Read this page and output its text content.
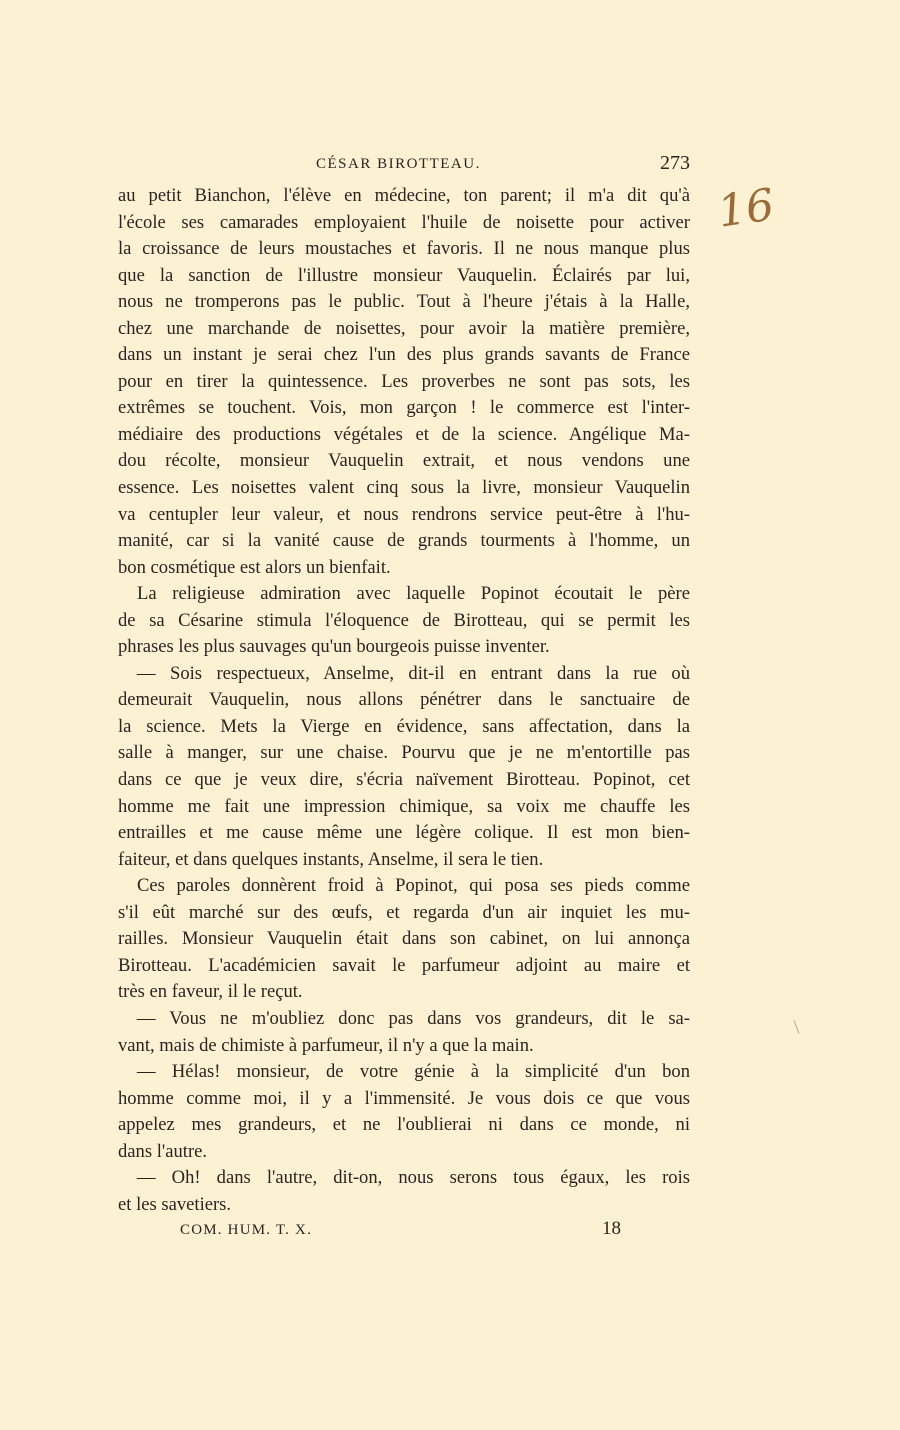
CÉSAR BIROTTEAU.	273
16
au petit Bianchon, l'élève en médecine, ton parent; il m'a dit qu'à
l'école ses camarades employaient l'huile de noisette pour activer
la croissance de leurs moustaches et favoris. Il ne nous manque plus
que la sanction de l'illustre monsieur Vauquelin. Éclairés par lui,
nous ne tromperons pas le public. Tout à l'heure j'étais à la Halle,
chez une marchande de noisettes, pour avoir la matière première,
dans un instant je serai chez l'un des plus grands savants de France
pour en tirer la quintessence. Les proverbes ne sont pas sots, les
extrêmes se touchent. Vois, mon garçon ! le commerce est l'inter-
médiaire des productions végétales et de la science. Angélique Ma-
dou récolte, monsieur Vauquelin extrait, et nous vendons une
essence. Les noisettes valent cinq sous la livre, monsieur Vauquelin
va centupler leur valeur, et nous rendrons service peut-être à l'hu-
manité, car si la vanité cause de grands tourments à l'homme, un
bon cosmétique est alors un bienfait.
La religieuse admiration avec laquelle Popinot écoutait le père
de sa Césarine stimula l'éloquence de Birotteau, qui se permit les
phrases les plus sauvages qu'un bourgeois puisse inventer.
— Sois respectueux, Anselme, dit-il en entrant dans la rue où
demeurait Vauquelin, nous allons pénétrer dans le sanctuaire de
la science. Mets la Vierge en évidence, sans affectation, dans la
salle à manger, sur une chaise. Pourvu que je ne m'entortille pas
dans ce que je veux dire, s'écria naïvement Birotteau. Popinot, cet
homme me fait une impression chimique, sa voix me chauffe les
entrailles et me cause même une légère colique. Il est mon bien-
faiteur, et dans quelques instants, Anselme, il sera le tien.
Ces paroles donnèrent froid à Popinot, qui posa ses pieds comme
s'il eût marché sur des œufs, et regarda d'un air inquiet les mu-
railles. Monsieur Vauquelin était dans son cabinet, on lui annonça
Birotteau. L'académicien savait le parfumeur adjoint au maire et
très en faveur, il le reçut.
— Vous ne m'oubliez donc pas dans vos grandeurs, dit le sa-
vant, mais de chimiste à parfumeur, il n'y a que la main.
— Hélas! monsieur, de votre génie à la simplicité d'un bon
homme comme moi, il y a l'immensité. Je vous dois ce que vous
appelez mes grandeurs, et ne l'oublierai ni dans ce monde, ni
dans l'autre.
— Oh! dans l'autre, dit-on, nous serons tous égaux, les rois
et les savetiers.
COM. HUM. T. X.	18
